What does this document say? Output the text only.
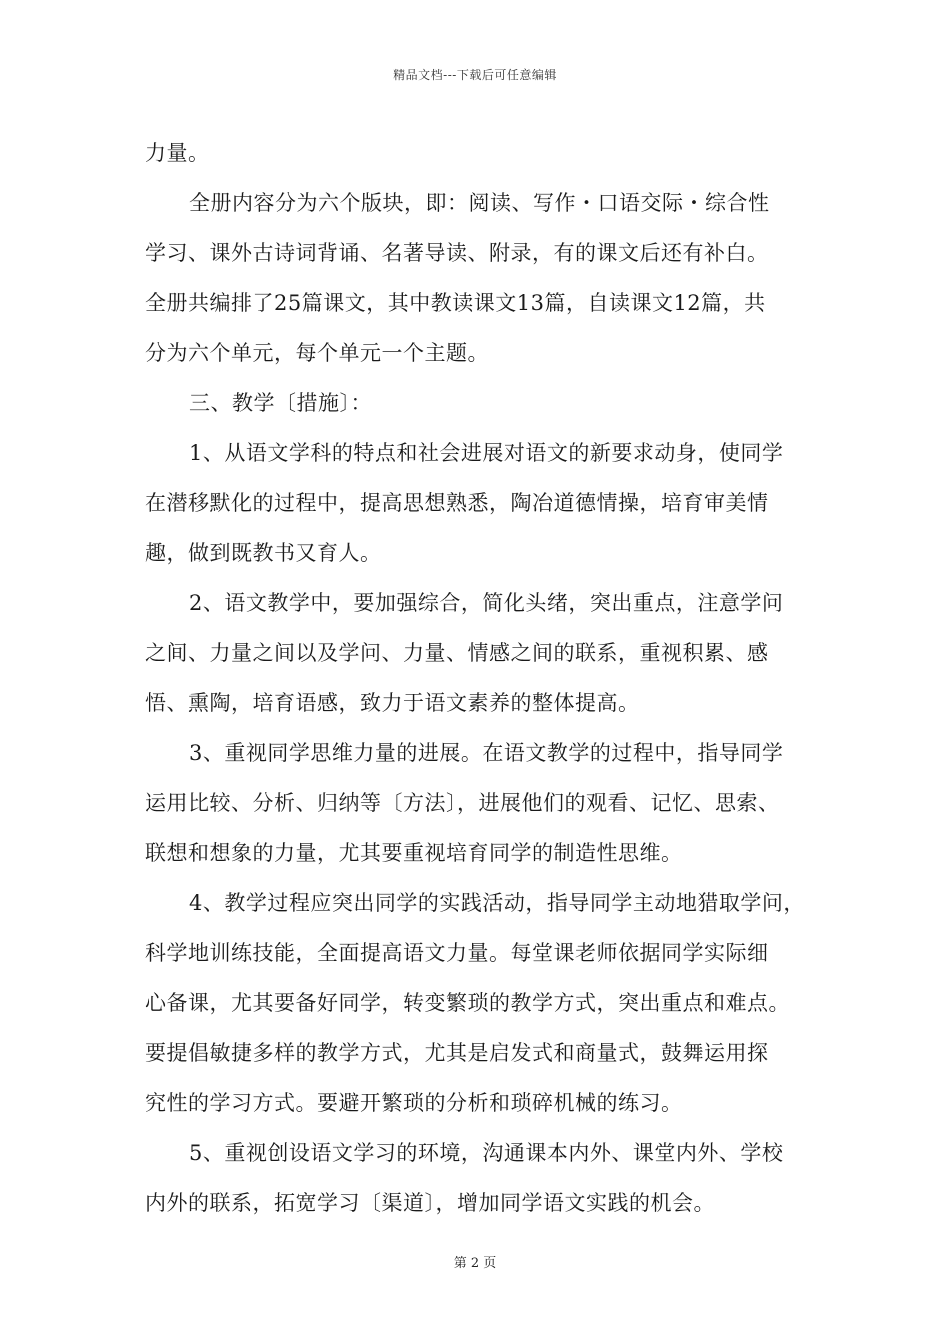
精品文档---下载后可任意编辑
力量。
全册内容分为六个版块，即：阅读、写作・口语交际・综合性
学习、课外古诗词背诵、名著导读、附录，有的课文后还有补白。
全册共编排了25篇课文，其中教读课文13篇，自读课文12篇，共
分为六个单元，每个单元一个主题。
三、教学〔措施〕：
1、从语文学科的特点和社会进展对语文的新要求动身，使同学
在潜移默化的过程中，提高思想熟悉，陶冶道德情操，培育审美情
趣，做到既教书又育人。
2、语文教学中，要加强综合，简化头绪，突出重点，注意学问
之间、力量之间以及学问、力量、情感之间的联系，重视积累、感
悟、熏陶，培育语感，致力于语文素养的整体提高。
3、重视同学思维力量的进展。在语文教学的过程中，指导同学
运用比较、分析、归纳等〔方法〕，进展他们的观看、记忆、思索、
联想和想象的力量，尤其要重视培育同学的制造性思维。
4、教学过程应突出同学的实践活动，指导同学主动地猎取学问，
科学地训练技能，全面提高语文力量。每堂课老师依据同学实际细
心备课，尤其要备好同学，转变繁琐的教学方式，突出重点和难点。
要提倡敏捷多样的教学方式，尤其是启发式和商量式，鼓舞运用探
究性的学习方式。要避开繁琐的分析和琐碎机械的练习。
5、重视创设语文学习的环境，沟通课本内外、课堂内外、学校
内外的联系，拓宽学习〔渠道〕，增加同学语文实践的机会。
第 2 页
